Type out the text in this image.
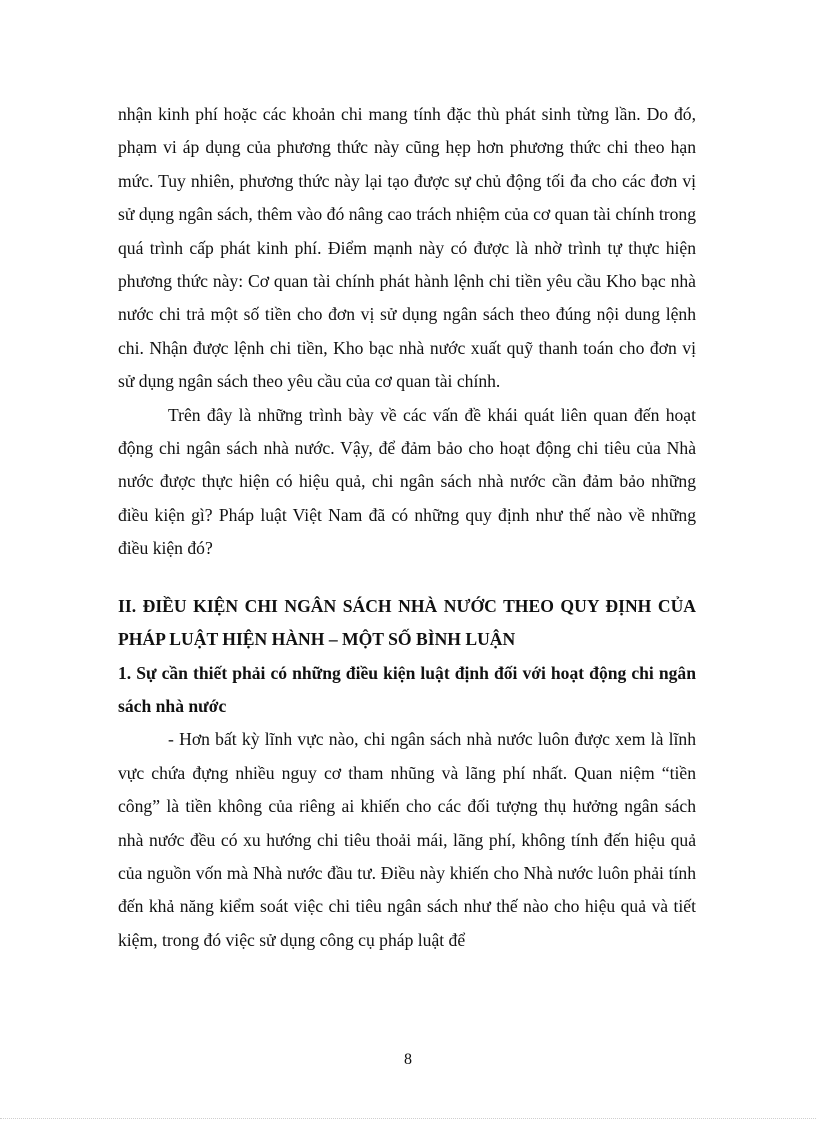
nhận kinh phí hoặc các khoản chi mang tính đặc thù phát sinh từng lần. Do đó, phạm vi áp dụng của phương thức này cũng hẹp hơn phương thức chi theo hạn mức. Tuy nhiên, phương thức này lại tạo được sự chủ động tối đa cho các đơn vị sử dụng ngân sách, thêm vào đó nâng cao trách nhiệm của cơ quan tài chính trong quá trình cấp phát kinh phí. Điểm mạnh này có được là nhờ trình tự thực hiện phương thức này: Cơ quan tài chính phát hành lệnh chi tiền yêu cầu Kho bạc nhà nước chi trả một số tiền cho đơn vị sử dụng ngân sách theo đúng nội dung lệnh chi. Nhận được lệnh chi tiền, Kho bạc nhà nước xuất quỹ thanh toán cho đơn vị sử dụng ngân sách theo yêu cầu của cơ quan tài chính.

Trên đây là những trình bày về các vấn đề khái quát liên quan đến hoạt động chi ngân sách nhà nước. Vậy, để đảm bảo cho hoạt động chi tiêu của Nhà nước được thực hiện có hiệu quả, chi ngân sách nhà nước cần đảm bảo những điều kiện gì? Pháp luật Việt Nam đã có những quy định như thế nào về những điều kiện đó?

II. ĐIỀU KIỆN CHI NGÂN SÁCH NHÀ NƯỚC THEO QUY ĐỊNH CỦA PHÁP LUẬT HIỆN HÀNH – MỘT SỐ BÌNH LUẬN

1. Sự cần thiết phải có những điều kiện luật định đối với hoạt động chi ngân sách nhà nước

- Hơn bất kỳ lĩnh vực nào, chi ngân sách nhà nước luôn được xem là lĩnh vực chứa đựng nhiều nguy cơ tham nhũng và lãng phí nhất. Quan niệm “tiền công” là tiền không của riêng ai khiến cho các đối tượng thụ hưởng ngân sách nhà nước đều có xu hướng chi tiêu thoải mái, lãng phí, không tính đến hiệu quả của nguồn vốn mà Nhà nước đầu tư. Điều này khiến cho Nhà nước luôn phải tính đến khả năng kiểm soát việc chi tiêu ngân sách như thế nào cho hiệu quả và tiết kiệm, trong đó việc sử dụng công cụ pháp luật để

8
